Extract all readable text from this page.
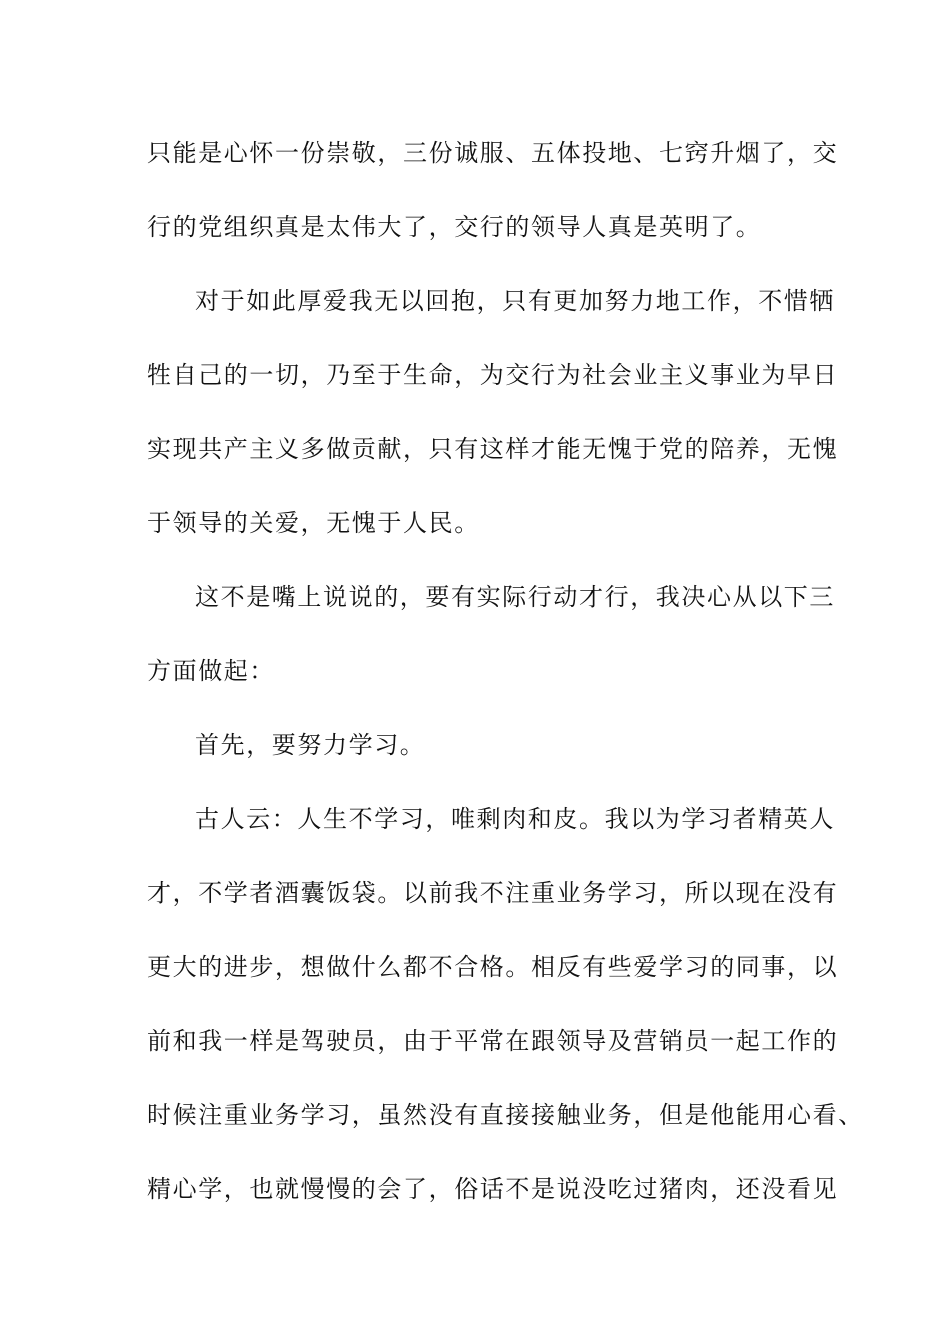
只能是心怀一份崇敬，三份诚服、五体投地、七窍升烟了，交
行的党组织真是太伟大了，交行的领导人真是英明了。
对于如此厚爱我无以回抱，只有更加努力地工作，不惜牺
牲自己的一切，乃至于生命，为交行为社会业主义事业为早日
实现共产主义多做贡献，只有这样才能无愧于党的陪养，无愧
于领导的关爱，无愧于人民。
这不是嘴上说说的，要有实际行动才行，我决心从以下三
方面做起：
首先，要努力学习。
古人云：人生不学习，唯剩肉和皮。我以为学习者精英人
才，不学者酒囊饭袋。以前我不注重业务学习，所以现在没有
更大的进步，想做什么都不合格。相反有些爱学习的同事，以
前和我一样是驾驶员，由于平常在跟领导及营销员一起工作的
时候注重业务学习，虽然没有直接接触业务，但是他能用心看、
精心学，也就慢慢的会了，俗话不是说没吃过猪肉，还没看见
